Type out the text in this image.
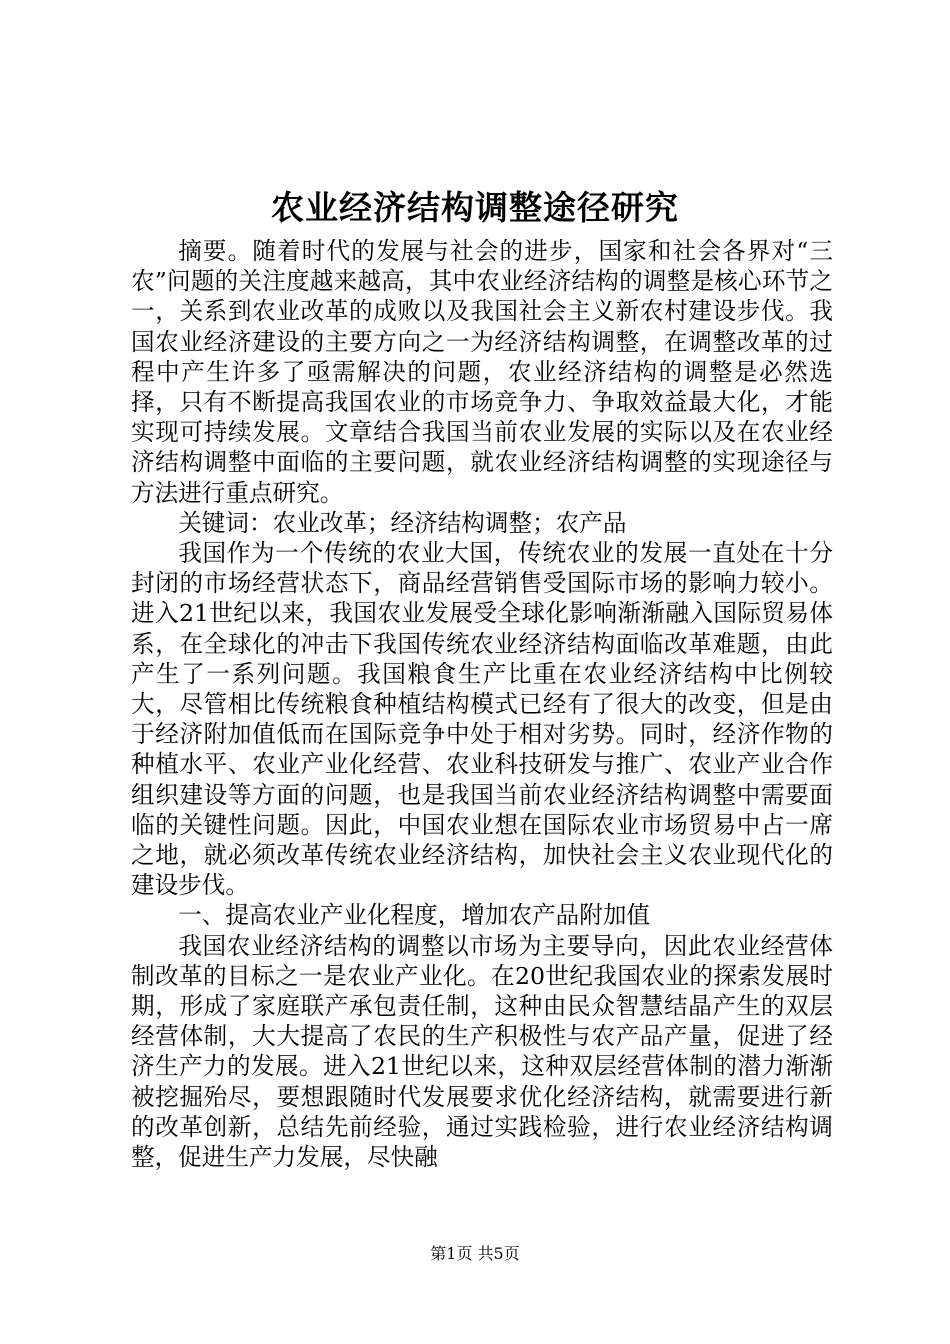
农业经济结构调整途径研究

摘要。随着时代的发展与社会的进步，国家和社会各界对“三农”问题的关注度越来越高，其中农业经济结构的调整是核心环节之一，关系到农业改革的成败以及我国社会主义新农村建设步伐。我国农业经济建设的主要方向之一为经济结构调整，在调整改革的过程中产生许多了亟需解决的问题，农业经济结构的调整是必然选择，只有不断提高我国农业的市场竞争力、争取效益最大化，才能实现可持续发展。文章结合我国当前农业发展的实际以及在农业经济结构调整中面临的主要问题，就农业经济结构调整的实现途径与方法进行重点研究。

关键词：农业改革；经济结构调整；农产品

我国作为一个传统的农业大国，传统农业的发展一直处在十分封闭的市场经营状态下，商品经营销售受国际市场的影响力较小。进入21世纪以来，我国农业发展受全球化影响渐渐融入国际贸易体系，在全球化的冲击下我国传统农业经济结构面临改革难题，由此产生了一系列问题。我国粮食生产比重在农业经济结构中比例较大，尽管相比传统粮食种植结构模式已经有了很大的改变，但是由于经济附加值低而在国际竞争中处于相对劣势。同时，经济作物的种植水平、农业产业化经营、农业科技研发与推广、农业产业合作组织建设等方面的问题，也是我国当前农业经济结构调整中需要面临的关键性问题。因此，中国农业想在国际农业市场贸易中占一席之地，就必须改革传统农业经济结构，加快社会主义农业现代化的建设步伐。

一、提高农业产业化程度，增加农产品附加值

我国农业经济结构的调整以市场为主要导向，因此农业经营体制改革的目标之一是农业产业化。在20世纪我国农业的探索发展时期，形成了家庭联产承包责任制，这种由民众智慧结晶产生的双层经营体制，大大提高了农民的生产积极性与农产品产量，促进了经济生产力的发展。进入21世纪以来，这种双层经营体制的潜力渐渐被挖掘殆尽，要想跟随时代发展要求优化经济结构，就需要进行新的改革创新，总结先前经验，通过实践检验，进行农业经济结构调整，促进生产力发展，尽快融

第1页 共5页
